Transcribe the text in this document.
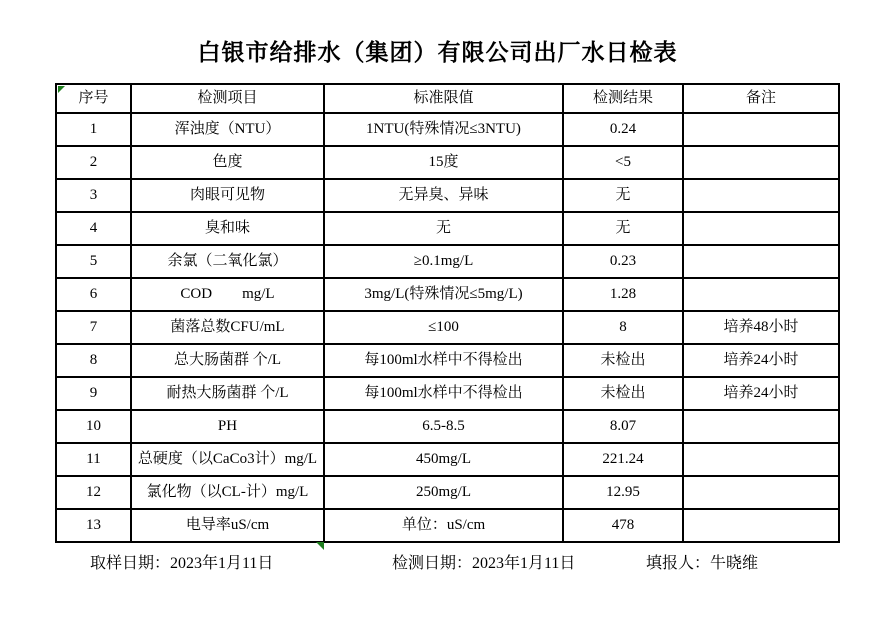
白银市给排水（集团）有限公司出厂水日检表
序号	检测项目	标准限值	检测结果	备注
1	浑浊度（NTU）	1NTU(特殊情况≤3NTU)	0.24	
2	色度	15度	<5	
3	肉眼可见物	无异臭、异味	无	
4	臭和味	无	无	
5	余氯（二氧化氯）	≥0.1mg/L	0.23	
6	COD        mg/L	3mg/L(特殊情况≤5mg/L)	1.28	
7	菌落总数CFU/mL	≤100	8	培养48小时
8	总大肠菌群 个/L	每100ml水样中不得检出	未检出	培养24小时
9	耐热大肠菌群 个/L	每100ml水样中不得检出	未检出	培养24小时
10	PH	6.5-8.5	8.07	
11	总硬度（以CaCo3计）mg/L	450mg/L	221.24	
12	氯化物（以CL-计）mg/L	250mg/L	12.95	
13	电导率uS/cm	单位：uS/cm	478	
取样日期：2023年1月11日	检测日期：2023年1月11日	填报人：牛晓维
